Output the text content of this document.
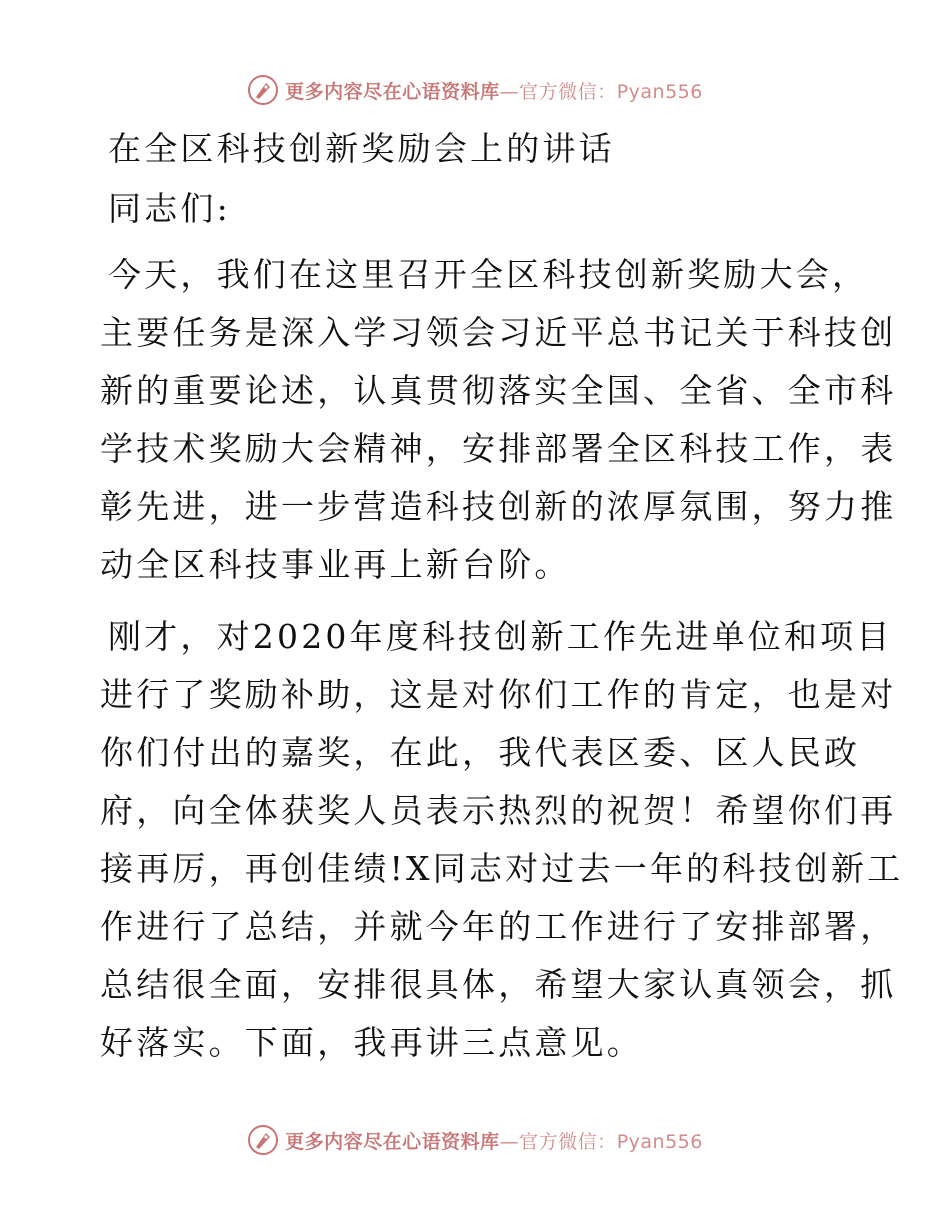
更多内容尽在心语资料库—官方微信：Pyan556
在全区科技创新奖励会上的讲话
同志们:
今天，我们在这里召开全区科技创新奖励大会，
主要任务是深入学习领会习近平总书记关于科技创
新的重要论述，认真贯彻落实全国、全省、全市科
学技术奖励大会精神，安排部署全区科技工作，表
彰先进，进一步营造科技创新的浓厚氛围，努力推
动全区科技事业再上新台阶。
刚才，对2020年度科技创新工作先进单位和项目
进行了奖励补助，这是对你们工作的肯定，也是对
你们付出的嘉奖，在此，我代表区委、区人民政
府，向全体获奖人员表示热烈的祝贺！希望你们再
接再厉，再创佳绩!X同志对过去一年的科技创新工
作进行了总结，并就今年的工作进行了安排部署，
总结很全面，安排很具体，希望大家认真领会，抓
好落实。下面，我再讲三点意见。
更多内容尽在心语资料库—官方微信：Pyan556
